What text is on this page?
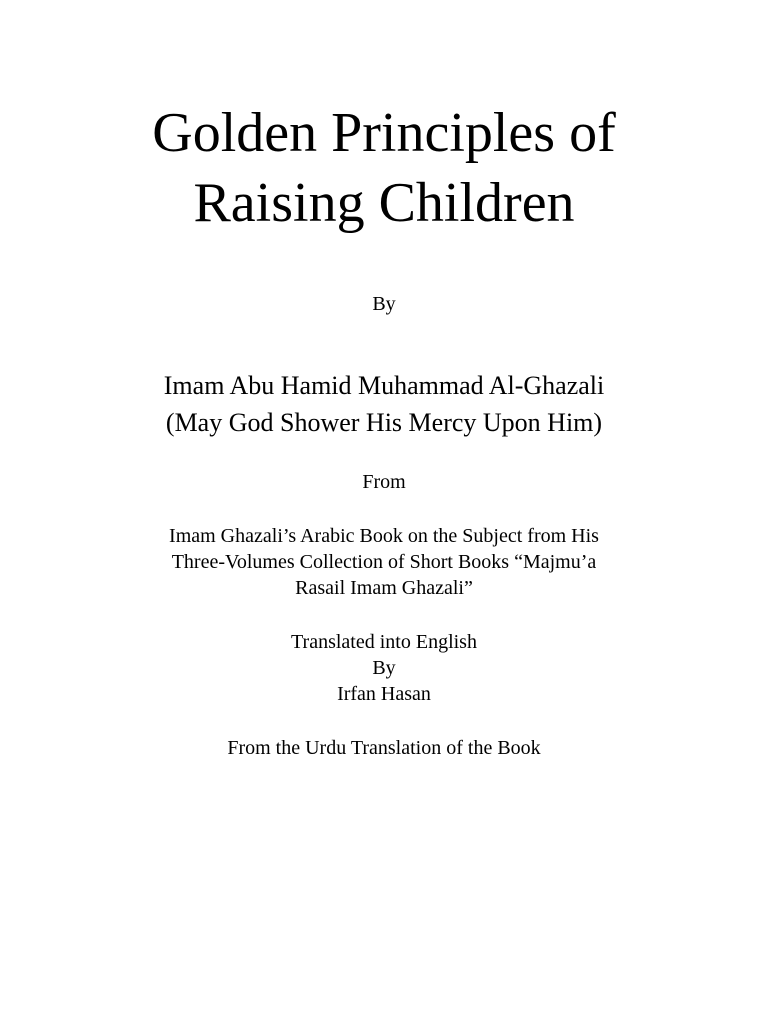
Golden Principles of
Raising Children
By
Imam Abu Hamid Muhammad Al-Ghazali
(May God Shower His Mercy Upon Him)
From
Imam Ghazali’s Arabic Book on the Subject from His
Three-Volumes Collection of Short Books “Majmu’a
Rasail Imam Ghazali”
Translated into English
By
Irfan Hasan
From the Urdu Translation of the Book
